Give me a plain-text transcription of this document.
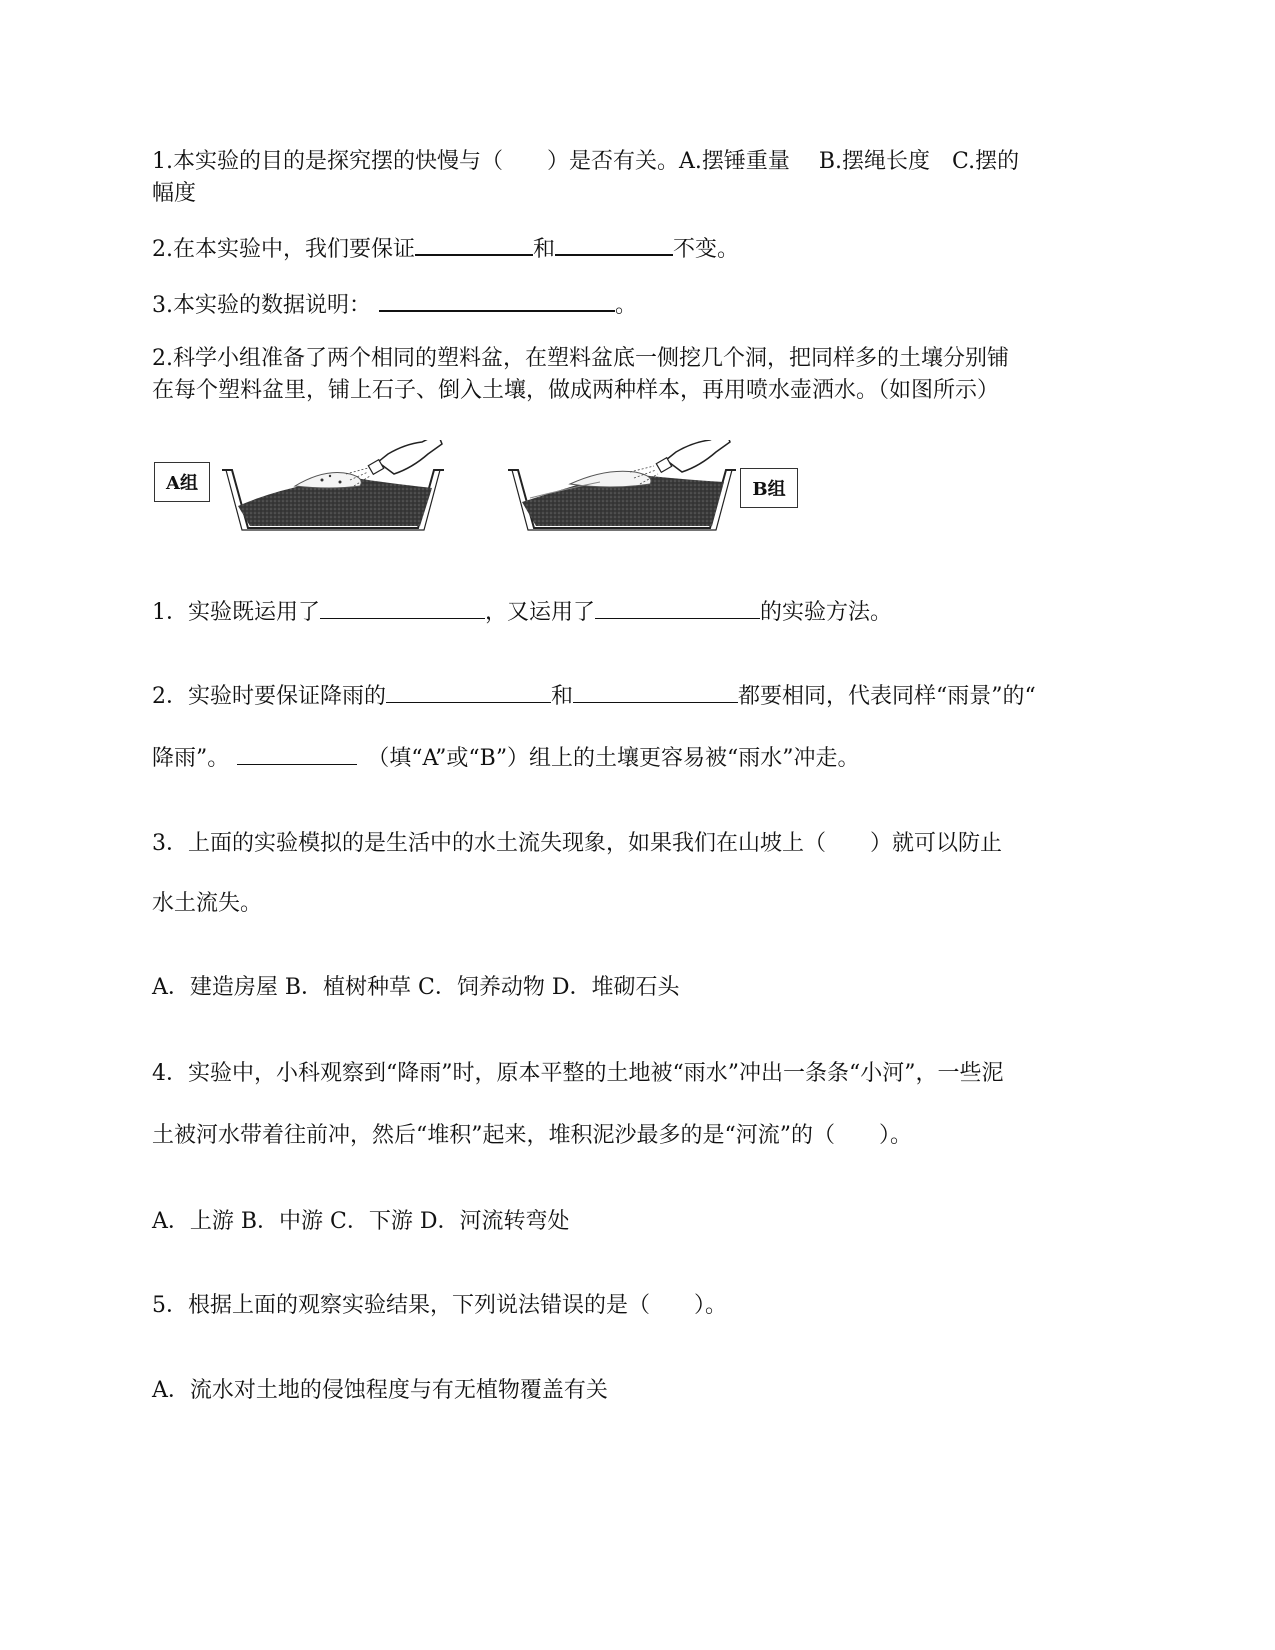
1.本实验的目的是探究摆的快慢与（　　）是否有关。A.摆锤重量　 B.摆绳长度　C.摆的
幅度
2.在本实验中，我们要保证	和	不变。
3.本实验的数据说明：	。
2.科学小组准备了两个相同的塑料盆，在塑料盆底一侧挖几个洞，把同样多的土壤分别铺
在每个塑料盆里，铺上石子、倒入土壤，做成两种样本，再用喷水壶洒水。（如图所示）
A组	B组
1．实验既运用了	，又运用了	的实验方法。
2．实验时要保证降雨的	和	都要相同，代表同样“雨景”的“
降雨”。	（填“A”或“B”）组上的土壤更容易被“雨水”冲走。
3．上面的实验模拟的是生活中的水土流失现象，如果我们在山坡上（　　）就可以防止
水土流失。
A．建造房屋 B．植树种草 C．饲养动物 D．堆砌石头
4．实验中，小科观察到“降雨”时，原本平整的土地被“雨水”冲出一条条“小河”，一些泥
土被河水带着往前冲，然后“堆积”起来，堆积泥沙最多的是“河流”的（　　）。
A．上游 B．中游 C．下游 D．河流转弯处
5．根据上面的观察实验结果，下列说法错误的是（　　）。
A．流水对土地的侵蚀程度与有无植物覆盖有关
